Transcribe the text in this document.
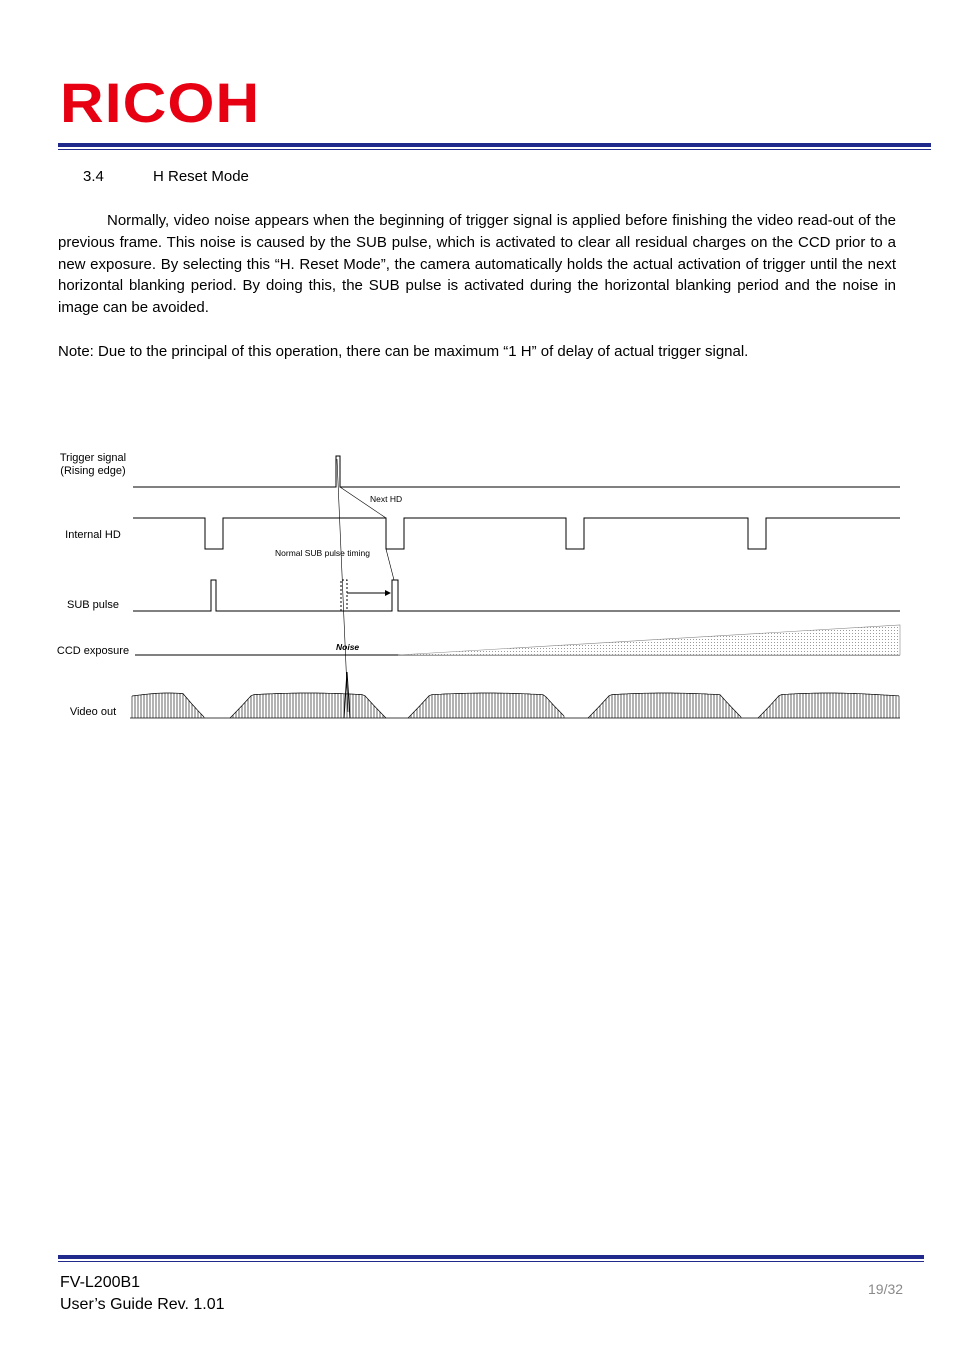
RICOH
3.4	H Reset Mode

Normally, video noise appears when the beginning of trigger signal is applied before finishing the video read-out of the previous frame. This noise is caused by the SUB pulse, which is activated to clear all residual charges on the CCD prior to a new exposure. By selecting this “H. Reset Mode”, the camera automatically holds the actual activation of trigger until the next horizontal blanking period. By doing this, the SUB pulse is activated during the horizontal blanking period and the noise in image can be avoided.

Note: Due to the principal of this operation, there can be maximum “1 H” of delay of actual trigger signal.

Trigger signal
(Rising edge)
Internal HD
SUB pulse
CCD exposure
Video out
Next HD
Normal SUB pulse timing
Noise
FV-L200B1
User’s Guide Rev. 1.01
19/32
